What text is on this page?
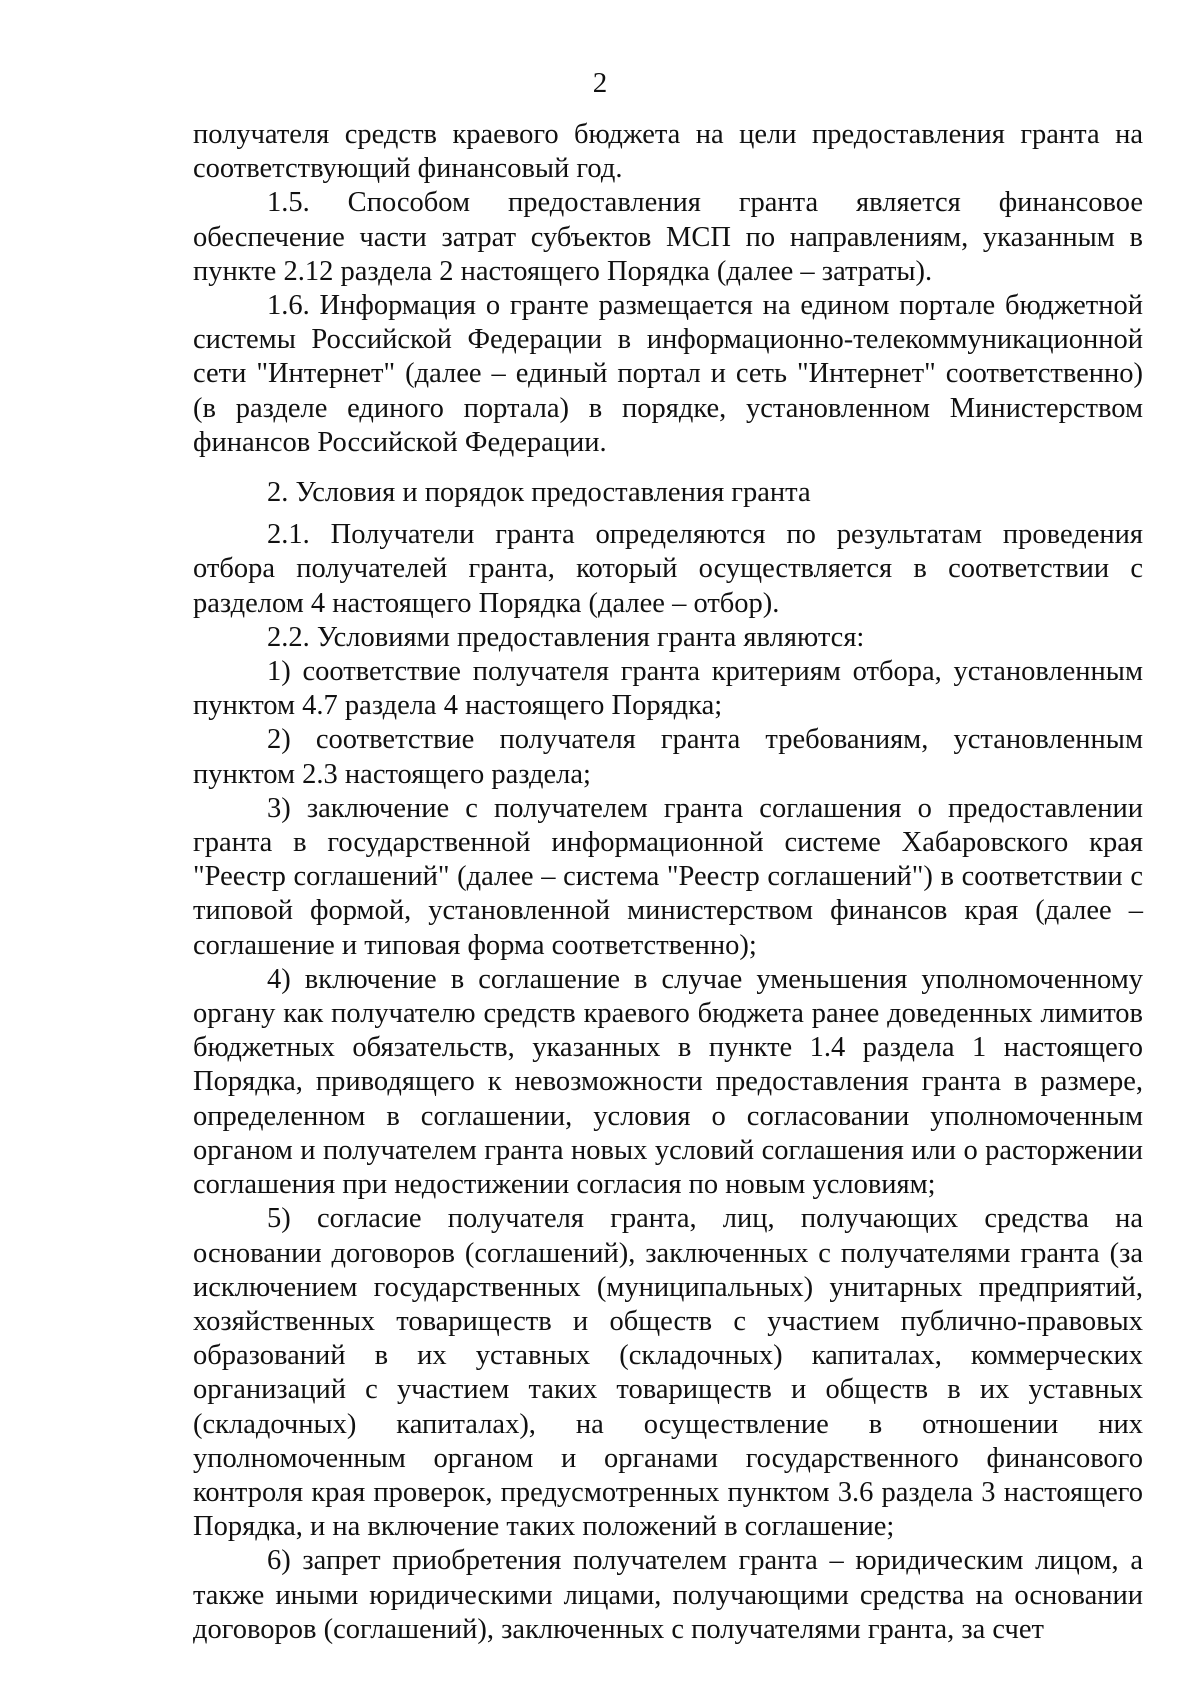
2

получателя средств краевого бюджета на цели предоставления гранта на соответствующий финансовый год.

1.5. Способом предоставления гранта является финансовое обеспечение части затрат субъектов МСП по направлениям, указанным в пункте 2.12 раздела 2 настоящего Порядка (далее – затраты).

1.6. Информация о гранте размещается на едином портале бюджетной системы Российской Федерации в информационно-телекоммуникационной сети "Интернет" (далее – единый портал и сеть "Интернет" соответственно) (в разделе единого портала) в порядке, установленном Министерством финансов Российской Федерации.

2. Условия и порядок предоставления гранта

2.1. Получатели гранта определяются по результатам проведения отбора получателей гранта, который осуществляется в соответствии с разделом 4 настоящего Порядка (далее – отбор).

2.2. Условиями предоставления гранта являются:

1) соответствие получателя гранта критериям отбора, установленным пунктом 4.7 раздела 4 настоящего Порядка;

2) соответствие получателя гранта требованиям, установленным пунктом 2.3 настоящего раздела;

3) заключение с получателем гранта соглашения о предоставлении гранта в государственной информационной системе Хабаровского края "Реестр соглашений" (далее – система "Реестр соглашений") в соответствии с типовой формой, установленной министерством финансов края (далее – соглашение и типовая форма соответственно);

4) включение в соглашение в случае уменьшения уполномоченному органу как получателю средств краевого бюджета ранее доведенных лимитов бюджетных обязательств, указанных в пункте 1.4 раздела 1 настоящего Порядка, приводящего к невозможности предоставления гранта в размере, определенном в соглашении, условия о согласовании уполномоченным органом и получателем гранта новых условий соглашения или о расторжении соглашения при недостижении согласия по новым условиям;

5) согласие получателя гранта, лиц, получающих средства на основании договоров (соглашений), заключенных с получателями гранта (за исключением государственных (муниципальных) унитарных предприятий, хозяйственных товариществ и обществ с участием публично-правовых образований в их уставных (складочных) капиталах, коммерческих организаций с участием таких товариществ и обществ в их уставных (складочных) капиталах), на осуществление в отношении них уполномоченным органом и органами государственного финансового контроля края проверок, предусмотренных пунктом 3.6 раздела 3 настоящего Порядка, и на включение таких положений в соглашение;

6) запрет приобретения получателем гранта – юридическим лицом, а также иными юридическими лицами, получающими средства на основании договоров (соглашений), заключенных с получателями гранта, за счет
